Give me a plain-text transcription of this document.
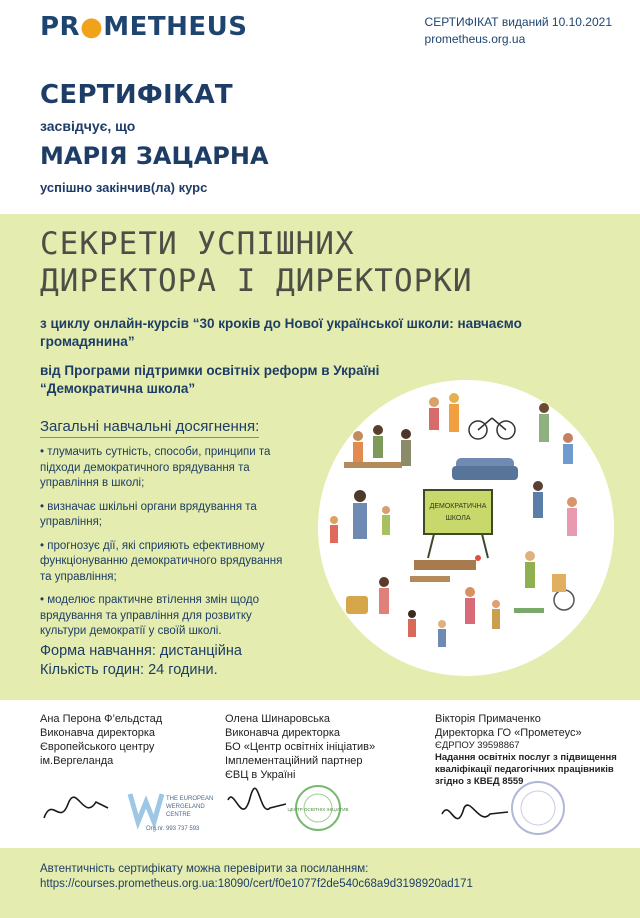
PR●METHEUS	СЕРТИФІКАТ виданий 10.10.2021
prometheus.org.ua
СЕРТИФІКАТ
засвідчує, що
МАРІЯ ЗАЦАРНА
успішно закінчив(ла) курс
СЕКРЕТИ УСПІШНИХ
ДИРЕКТОРА І ДИРЕКТОРКИ
з циклу онлайн-курсів “30 кроків до Нової української школи: навчаємо громадянина”
від Програми підтримки освітніх реформ в Україні “Демократична школа”
Загальні навчальні досягнення:
• тлумачить сутність, способи, принципи та підходи демократичного врядування та управління в школі;
• визначає шкільні органи врядування та управління;
• прогнозує дії, які сприяють ефективному функціонуванню демократичного врядування та управління;
• моделює практичне втілення змін щодо врядування та управління для розвитку культури демократії у своїй школі.
Форма навчання: дистанційна
Кількість годин: 24 години.
ДЕМОКРАТИЧНА
ШКОЛА
Ана Перона Ф’ельдстад
Виконавча директорка
Європейського центру
ім.Вергеланда
Олена Шинаровська
Виконавча директорка
БО «Центр освітніх ініціатив»
Імплементаційний партнер
ЄВЦ в Україні
Вікторія Примаченко
Директорка ГО «Прометеус»
ЄДРПОУ 39598867
Надання освітніх послуг з підвищення кваліфікації педагогічних працівників згідно з КВЕД 8559
THE EUROPEAN
WERGELAND
CENTRE
Org.nr. 993 737 593
ЦЕНТР ОСВІТНІХ ІНІЦІАТИВ
Автентичність сертифікату можна перевірити за посиланням:
https://courses.prometheus.org.ua:18090/cert/f0e1077f2de540c68a9d3198920ad171
